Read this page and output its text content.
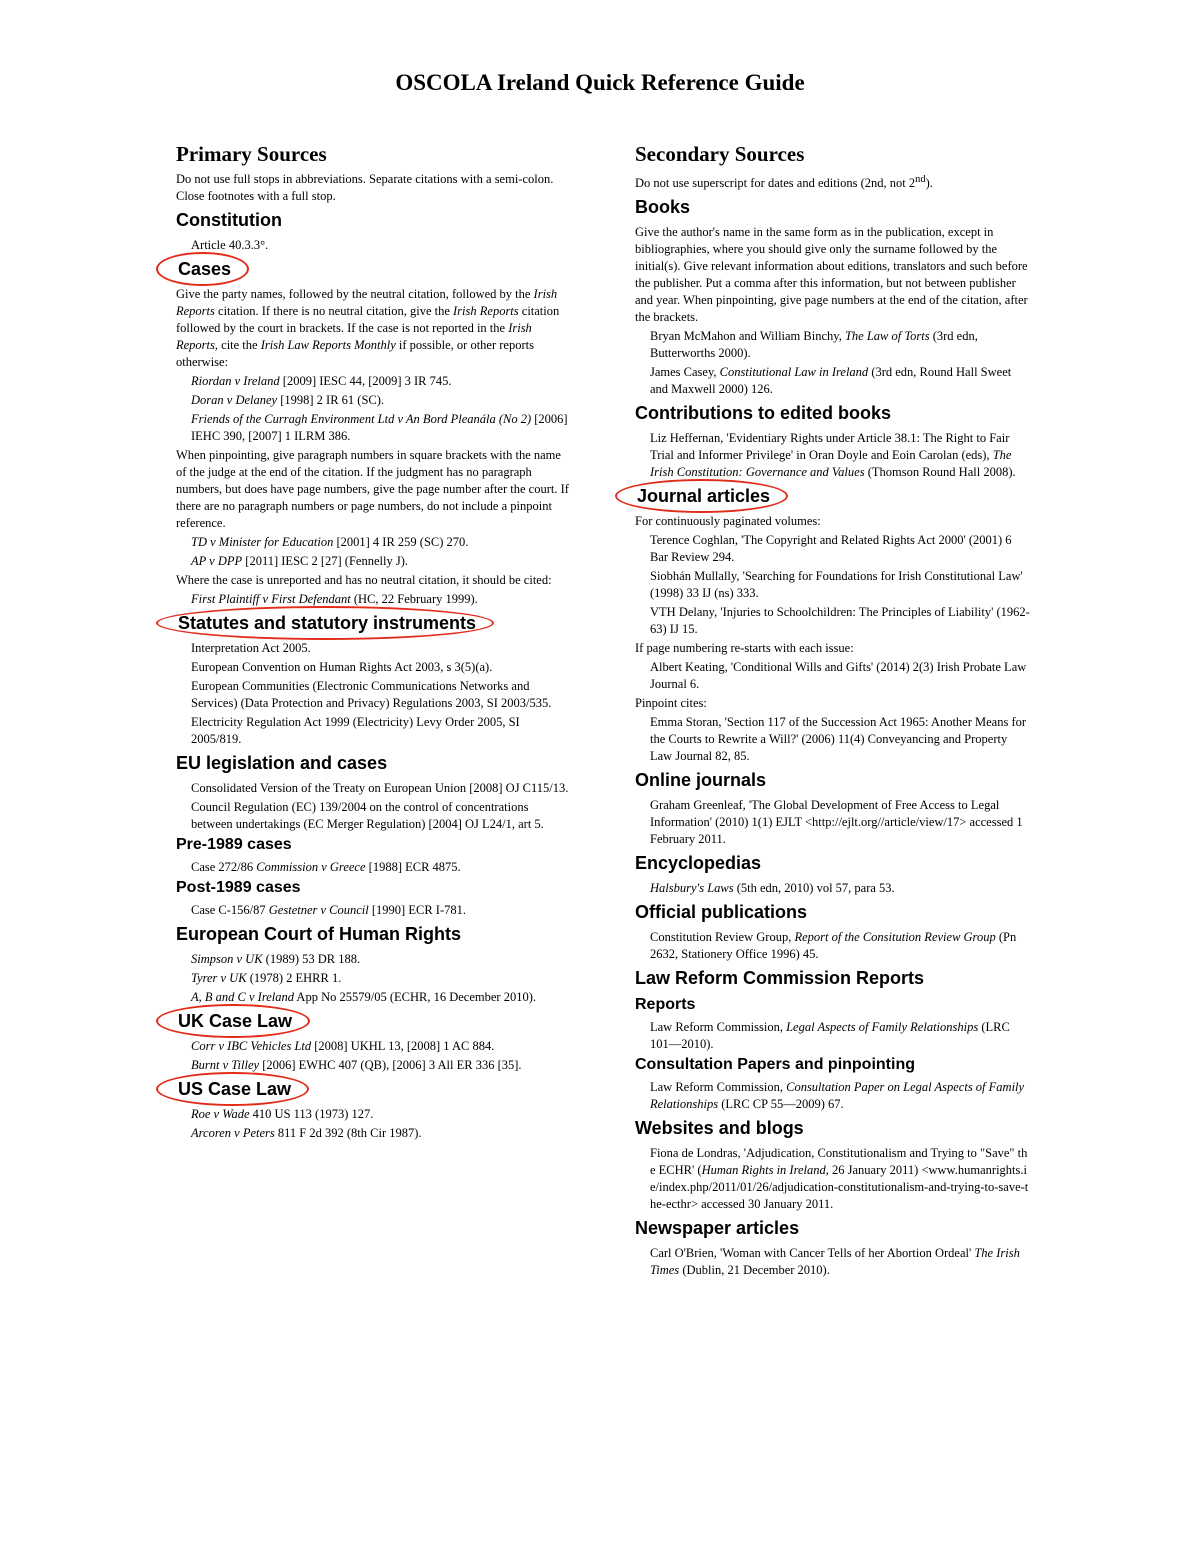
OSCOLA Ireland Quick Reference Guide
Primary Sources

Do not use full stops in abbreviations. Separate citations with a semi-colon. Close footnotes with a full stop.

Constitution

Article 40.3.3°.

Cases

Give the party names, followed by the neutral citation, followed by the Irish Reports citation. If there is no neutral citation, give the Irish Reports citation followed by the court in brackets. If the case is not reported in the Irish Reports, cite the Irish Law Reports Monthly if possible, or other reports otherwise:

Riordan v Ireland [2009] IESC 44, [2009] 3 IR 745.

Doran v Delaney [1998] 2 IR 61 (SC).

Friends of the Curragh Environment Ltd v An Bord Pleanála (No 2) [2006] IEHC 390, [2007] 1 ILRM 386.

When pinpointing, give paragraph numbers in square brackets with the name of the judge at the end of the citation. If the judgment has no paragraph numbers, but does have page numbers, give the page number after the court. If there are no paragraph numbers or page numbers, do not include a pinpoint reference.

TD v Minister for Education [2001] 4 IR 259 (SC) 270.

AP v DPP [2011] IESC 2 [27] (Fennelly J).

Where the case is unreported and has no neutral citation, it should be cited:

First Plaintiff v First Defendant (HC, 22 February 1999).

Statutes and statutory instruments

Interpretation Act 2005.

European Convention on Human Rights Act 2003, s 3(5)(a).

European Communities (Electronic Communications Networks and Services) (Data Protection and Privacy) Regulations 2003, SI 2003/535.

Electricity Regulation Act 1999 (Electricity) Levy Order 2005, SI 2005/819.

EU legislation and cases

Consolidated Version of the Treaty on European Union [2008] OJ C115/13.

Council Regulation (EC) 139/2004 on the control of concentrations between undertakings (EC Merger Regulation) [2004] OJ L24/1, art 5.

Pre-1989 cases

Case 272/86 Commission v Greece [1988] ECR 4875.

Post-1989 cases

Case C-156/87 Gestetner v Council [1990] ECR I-781.

European Court of Human Rights

Simpson v UK (1989) 53 DR 188.

Tyrer v UK (1978) 2 EHRR 1.

A, B and C v Ireland App No 25579/05 (ECHR, 16 December 2010).

UK Case Law

Corr v IBC Vehicles Ltd [2008] UKHL 13, [2008] 1 AC 884.

Burnt v Tilley [2006] EWHC 407 (QB), [2006] 3 All ER 336 [35].

US Case Law

Roe v Wade 410 US 113 (1973) 127.

Arcoren v Peters 811 F 2d 392 (8th Cir 1987).

Secondary Sources

Do not use superscript for dates and editions (2nd, not 2nd).

Books

Give the author's name in the same form as in the publication, except in bibliographies, where you should give only the surname followed by the initial(s). Give relevant information about editions, translators and such before the publisher. Put a comma after this information, but not between publisher and year. When pinpointing, give page numbers at the end of the citation, after the brackets.

Bryan McMahon and William Binchy, The Law of Torts (3rd edn, Butterworths 2000).

James Casey, Constitutional Law in Ireland (3rd edn, Round Hall Sweet and Maxwell 2000) 126.

Contributions to edited books

Liz Heffernan, 'Evidentiary Rights under Article 38.1: The Right to Fair Trial and Informer Privilege' in Oran Doyle and Eoin Carolan (eds), The Irish Constitution: Governance and Values (Thomson Round Hall 2008).

Journal articles

For continuously paginated volumes:

Terence Coghlan, 'The Copyright and Related Rights Act 2000' (2001) 6 Bar Review 294.

Siobhán Mullally, 'Searching for Foundations for Irish Constitutional Law' (1998) 33 IJ (ns) 333.

VTH Delany, 'Injuries to Schoolchildren: The Principles of Liability' (1962-63) IJ 15.

If page numbering re-starts with each issue:

Albert Keating, 'Conditional Wills and Gifts' (2014) 2(3) Irish Probate Law Journal 6.

Pinpoint cites:

Emma Storan, 'Section 117 of the Succession Act 1965: Another Means for the Courts to Rewrite a Will?' (2006) 11(4) Conveyancing and Property Law Journal 82, 85.

Online journals

Graham Greenleaf, 'The Global Development of Free Access to Legal Information' (2010) 1(1) EJLT <http://ejlt.org//article/view/17> accessed 1 February 2011.

Encyclopedias

Halsbury's Laws (5th edn, 2010) vol 57, para 53.

Official publications

Constitution Review Group, Report of the Consitution Review Group (Pn 2632, Stationery Office 1996) 45.

Law Reform Commission Reports
Reports

Law Reform Commission, Legal Aspects of Family Relationships (LRC 101—2010).

Consultation Papers and pinpointing

Law Reform Commission, Consultation Paper on Legal Aspects of Family Relationships (LRC CP 55—2009) 67.

Websites and blogs

Fiona de Londras, 'Adjudication, Constitutionalism and Trying to "Save" the ECHR' (Human Rights in Ireland, 26 January 2011) <www.humanrights.ie/index.php/2011/01/26/adjudication-constitutionalism-and-trying-to-save-the-ecthr> accessed 30 January 2011.

Newspaper articles

Carl O'Brien, 'Woman with Cancer Tells of her Abortion Ordeal' The Irish Times (Dublin, 21 December 2010).
